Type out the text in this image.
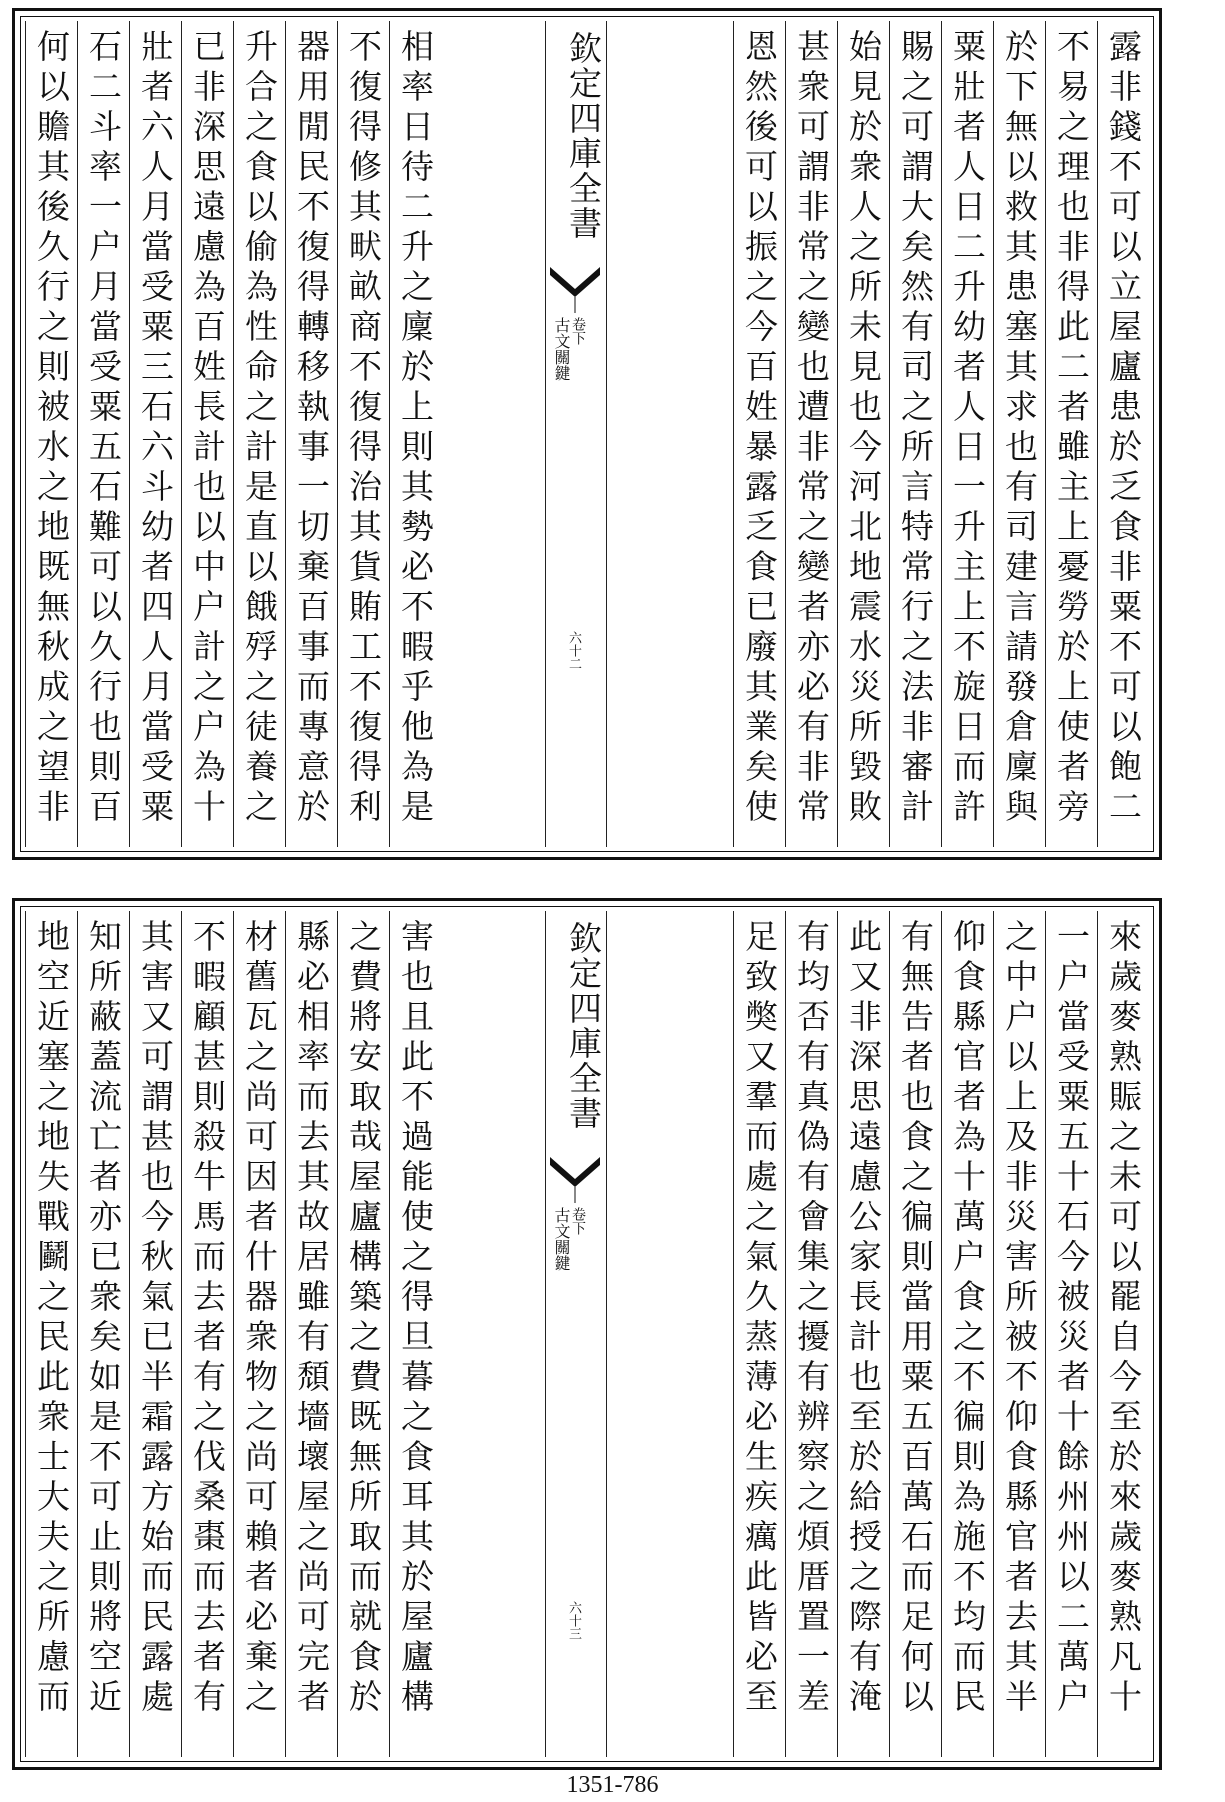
露非錢不可以立屋廬患於乏食非粟不可以飽二
不易之理也非得此二者雖主上憂勞於上使者旁
於下無以救其患塞其求也有司建言請發倉廩與
粟壯者人日二升幼者人日一升主上不旋日而許
賜之可謂大矣然有司之所言特常行之法非審計
始見於衆人之所未見也今河北地震水災所毀敗
甚衆可謂非常之變也遭非常之變者亦必有非常
恩然後可以振之今百姓暴露乏食已廢其業矣使
欽定四庫全書
古文關鍵 卷下
六十二
相率日待二升之廩於上則其勢必不暇乎他為是
不復得修其畎畝商不復得治其貨賄工不復得利
器用閒民不復得轉移執事一切棄百事而專意於
升合之食以偷為性命之計是直以餓殍之徒養之
已非深思遠慮為百姓長計也以中户計之户為十
壯者六人月當受粟三石六斗幼者四人月當受粟
石二斗率一户月當受粟五石難可以久行也則百
何以贍其後久行之則被水之地既無秋成之望非
來歲麥熟賑之未可以罷自今至於來歲麥熟凡十
一户當受粟五十石今被災者十餘州州以二萬户
之中户以上及非災害所被不仰食縣官者去其半
仰食縣官者為十萬户食之不徧則為施不均而民
有無告者也食之徧則當用粟五百萬石而足何以
此又非深思遠慮公家長計也至於給授之際有淹
有均否有真偽有會集之擾有辨察之煩厝置一差
足致獘又羣而處之氣久蒸薄必生疾癘此皆必至
欽定四庫全書
古文關鍵 卷下
六十三
害也且此不過能使之得旦暮之食耳其於屋廬構
之費將安取哉屋廬構築之費既無所取而就食於
縣必相率而去其故居雖有頹墻壞屋之尚可完者
材舊瓦之尚可因者什器衆物之尚可賴者必棄之
不暇顧甚則殺牛馬而去者有之伐桑棗而去者有
其害又可謂甚也今秋氣已半霜露方始而民露處
知所蔽蓋流亡者亦已衆矣如是不可止則將空近
地空近塞之地失戰鬬之民此衆士大夫之所慮而
1351-786
